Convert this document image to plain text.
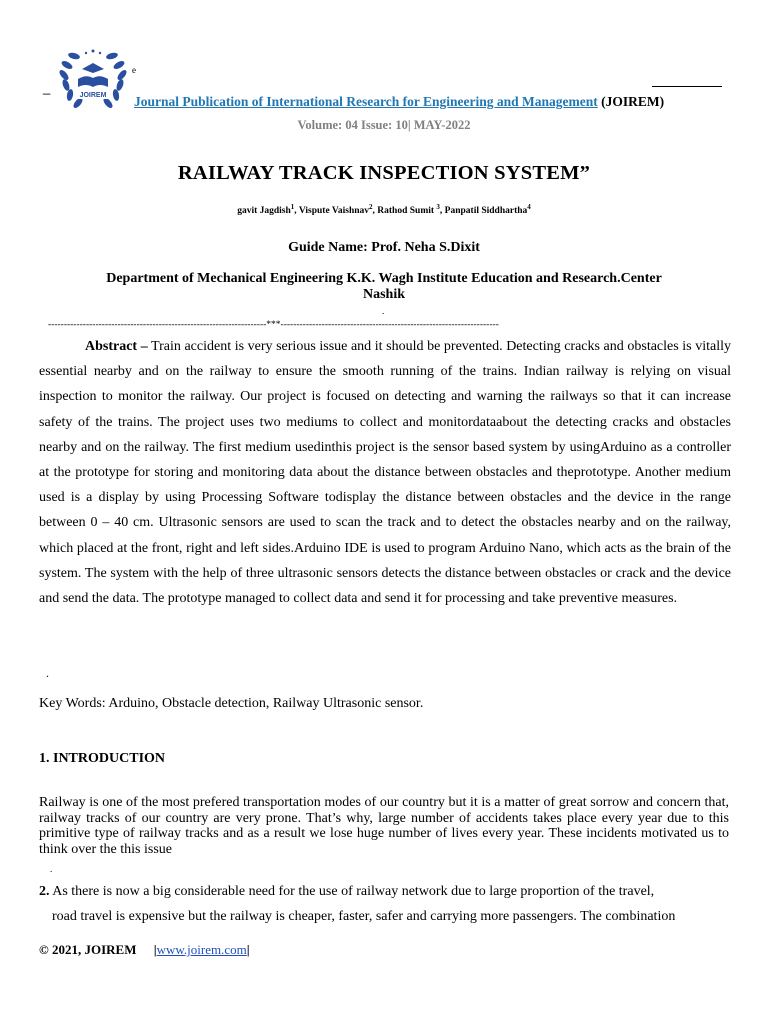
_
JOIREM
e
Journal Publication of International Research for Engineering and Management (JOIREM)
Volume: 04 Issue: 10| MAY-2022
RAILWAY TRACK INSPECTION SYSTEM”
gavit Jagdish$^1$, Vispute Vaishnav$^2$, Rathod Sumit $^3$, Panpatil Siddhartha$^4$
Guide Name: Prof. Neha S.Dixit
Department of Mechanical Engineering K.K. Wagh Institute Education and Research.Center Nashik
.
---------------------------------------------------------------------***---------------------------------------------------------------------
Abstract – Train accident is very serious issue and it should be prevented. Detecting cracks and obstacles is vitally essential nearby and on the railway to ensure the smooth running of the trains. Indian railway is relying on visual inspection to monitor the railway. Our project is focused on detecting and warning the railways so that it can increase safety of the trains. The project uses two mediums to collect and monitordataabout the detecting cracks and obstacles nearby and on the railway. The first medium usedinthis project is the sensor based system by usingArduino as a controller at the prototype for storing and monitoring data about the distance between obstacles and theprototype. Another medium used is a display by using Processing Software todisplay the distance between obstacles and the device in the range between 0 – 40 cm. Ultrasonic sensors are used to scan the track and to detect the obstacles nearby and on the railway, which placed at the front, right and left sides.Arduino IDE is used to program Arduino Nano, which acts as the brain of the system. The system with the help of three ultrasonic sensors detects the distance between obstacles or crack and the device and send the data. The prototype managed to collect data and send it for processing and take preventive measures.
.
Key Words: Arduino, Obstacle detection, Railway Ultrasonic sensor.
1. INTRODUCTION
Railway is one of the most prefered transportation modes of our country but it is a matter of great sorrow and concern that, railway tracks of our country are very prone. That’s why, large number of accidents takes place every year due to this primitive type of railway tracks and as a result we lose huge number of lives every year. These incidents motivated us to think over the this issue
.
2. As there is now a big considerable need for the use of railway network due to large proportion of the travel,
road travel is expensive but the railway is cheaper, faster, safer and carrying more passengers. The combination
© 2021, JOIREM |www.joirem.com|
